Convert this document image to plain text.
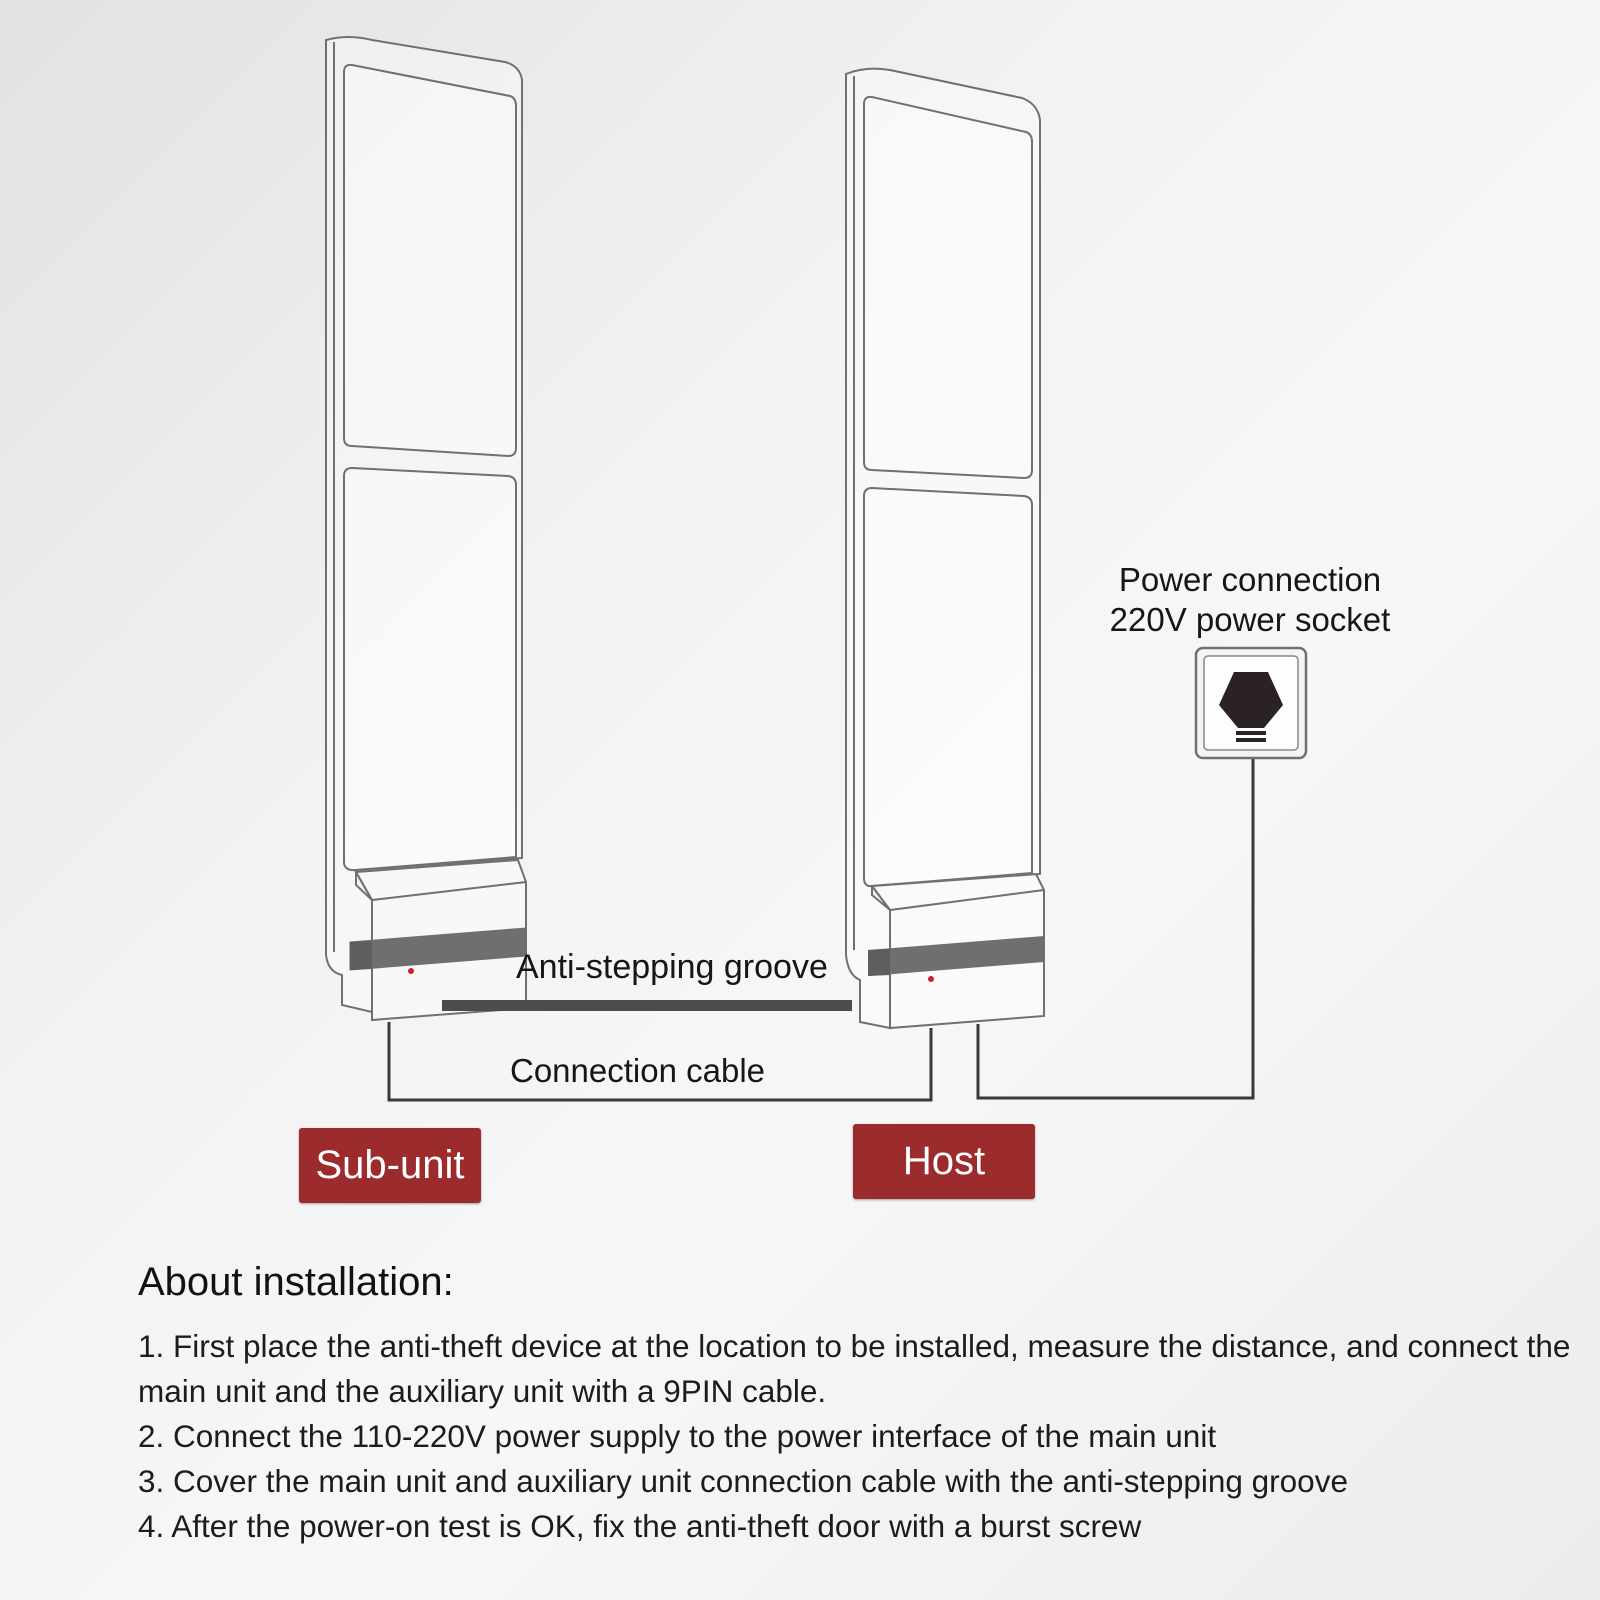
Power connection
220V power socket
Anti-stepping groove
Connection cable
Sub-unit	Host
About installation:

1. First place the anti-theft device at the location to be installed, measure the distance, and connect the main unit and the auxiliary unit with a 9PIN cable.

2. Connect the 110-220V power supply to the power interface of the main unit

3. Cover the main unit and auxiliary unit connection cable with the anti-stepping groove

4. After the power-on test is OK, fix the anti-theft door with a burst screw
